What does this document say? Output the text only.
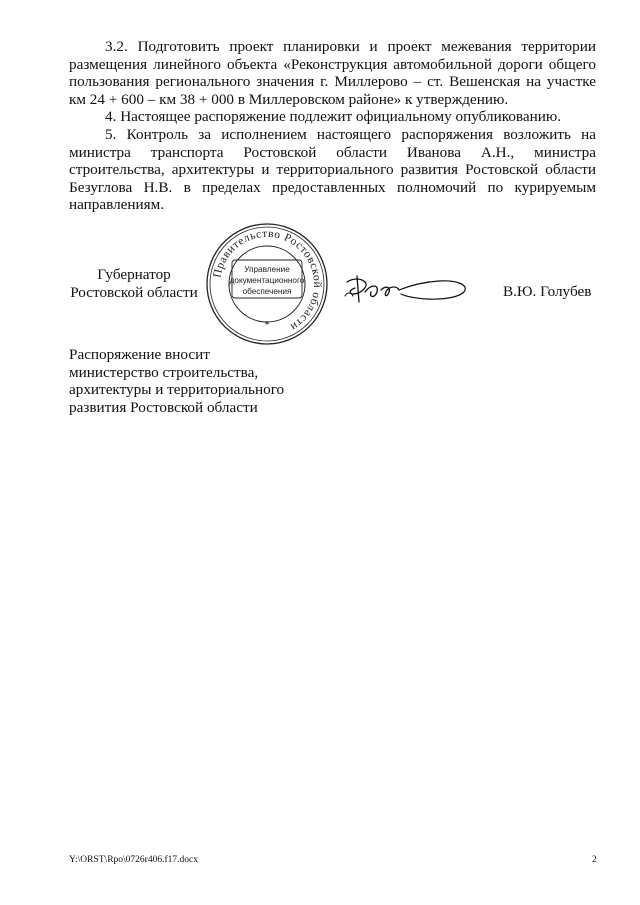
3.2. Подготовить проект планировки и проект межевания территории размещения линейного объекта «Реконструкция автомобильной дороги общего пользования регионального значения г. Миллерово – ст. Вешенская на участке км 24 + 600 – км 38 + 000 в Миллеровском районе» к утверждению.
4. Настоящее распоряжение подлежит официальному опубликованию.
5. Контроль за исполнением настоящего распоряжения возложить на министра транспорта Ростовской области Иванова А.Н., министра строительства, архитектуры и территориального развития Ростовской области Безуглова Н.В. в пределах предоставленных полномочий по курируемым направлениям.
Губернатор
Ростовской области
Правительство Ростовской области
Управление
документационного
обеспечения
*
В.Ю. Голубев
Распоряжение вносит
министерство строительства,
архитектуры и территориального
развития Ростовской области
Y:\ORST\Rpo\0726r406.f17.docx	2
